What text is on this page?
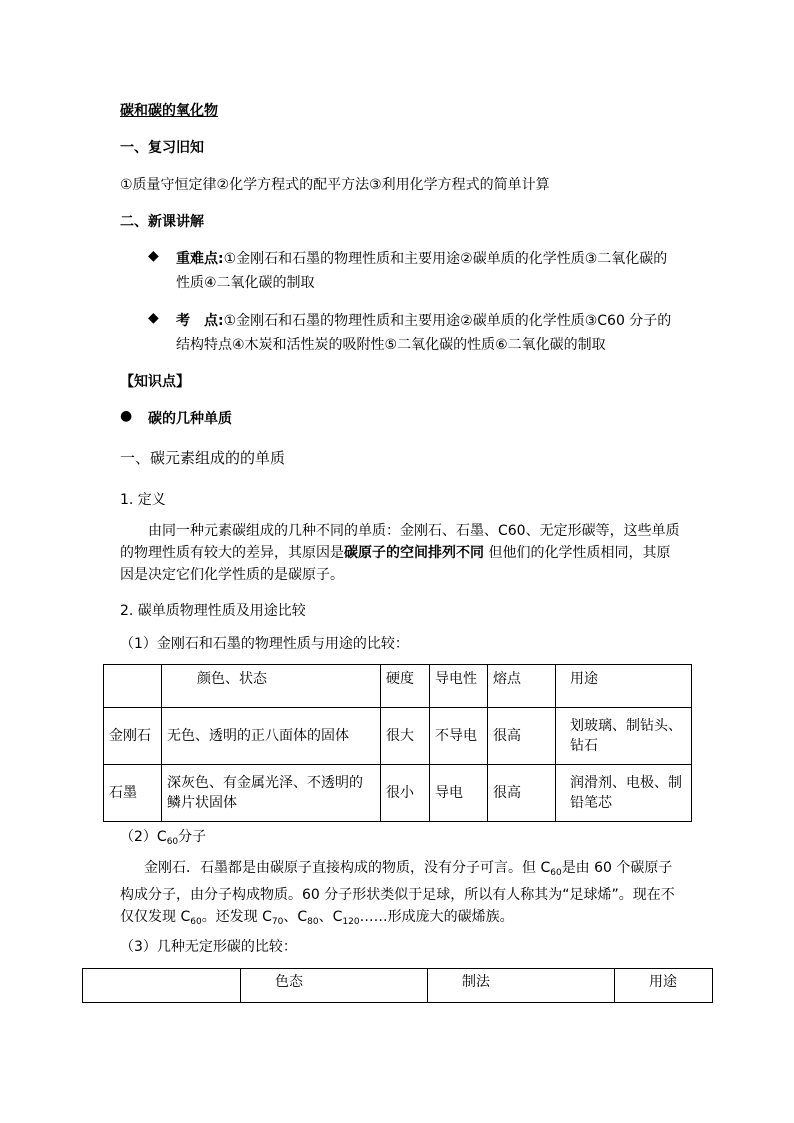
碳和碳的氧化物
一、复习旧知
①质量守恒定律②化学方程式的配平方法③利用化学方程式的简单计算
二、新课讲解
◆ 重难点:①金刚石和石墨的物理性质和主要用途②碳单质的化学性质③二氧化碳的
性质④二氧化碳的制取
◆ 考　点:①金刚石和石墨的物理性质和主要用途②碳单质的化学性质③C60 分子的
结构特点④木炭和活性炭的吸附性⑤二氧化碳的性质⑥二氧化碳的制取
【知识点】
● 碳的几种单质
一、碳元素组成的的单质
1. 定义
由同一种元素碳组成的几种不同的单质：金刚石、石墨、C60、无定形碳等，这些单质的物理性质有较大的差异，其原因是碳原子的空间排列不同 但他们的化学性质相同，其原因是决定它们化学性质的是碳原子。
2. 碳单质物理性质及用途比较
（1）金刚石和石墨的物理性质与用途的比较：
	颜色、状态	硬度	导电性	熔点	用途
金刚石	无色、透明的正八面体的固体	很大	不导电	很高	划玻璃、制钻头、钻石
石墨	深灰色、有金属光泽、不透明的鳞片状固体	很小	导电	很高	润滑剂、电极、制铅笔芯
$(2)C_{60}$分子
金刚石．石墨都是由碳原子直接构成的物质，没有分子可言。但 $C_{60}$是由 60 个碳原子构成分子，由分子构成物质。60 分子形状类似于足球，所以有人称其为“足球烯”。现在不仅仅发现 $C_{60}$。还发现 $C_{70}$、$C_{80}$、$C_{120}\dots\dots$形成庞大的碳烯族。
（3）几种无定形碳的比较：
	色态	制法	用途
